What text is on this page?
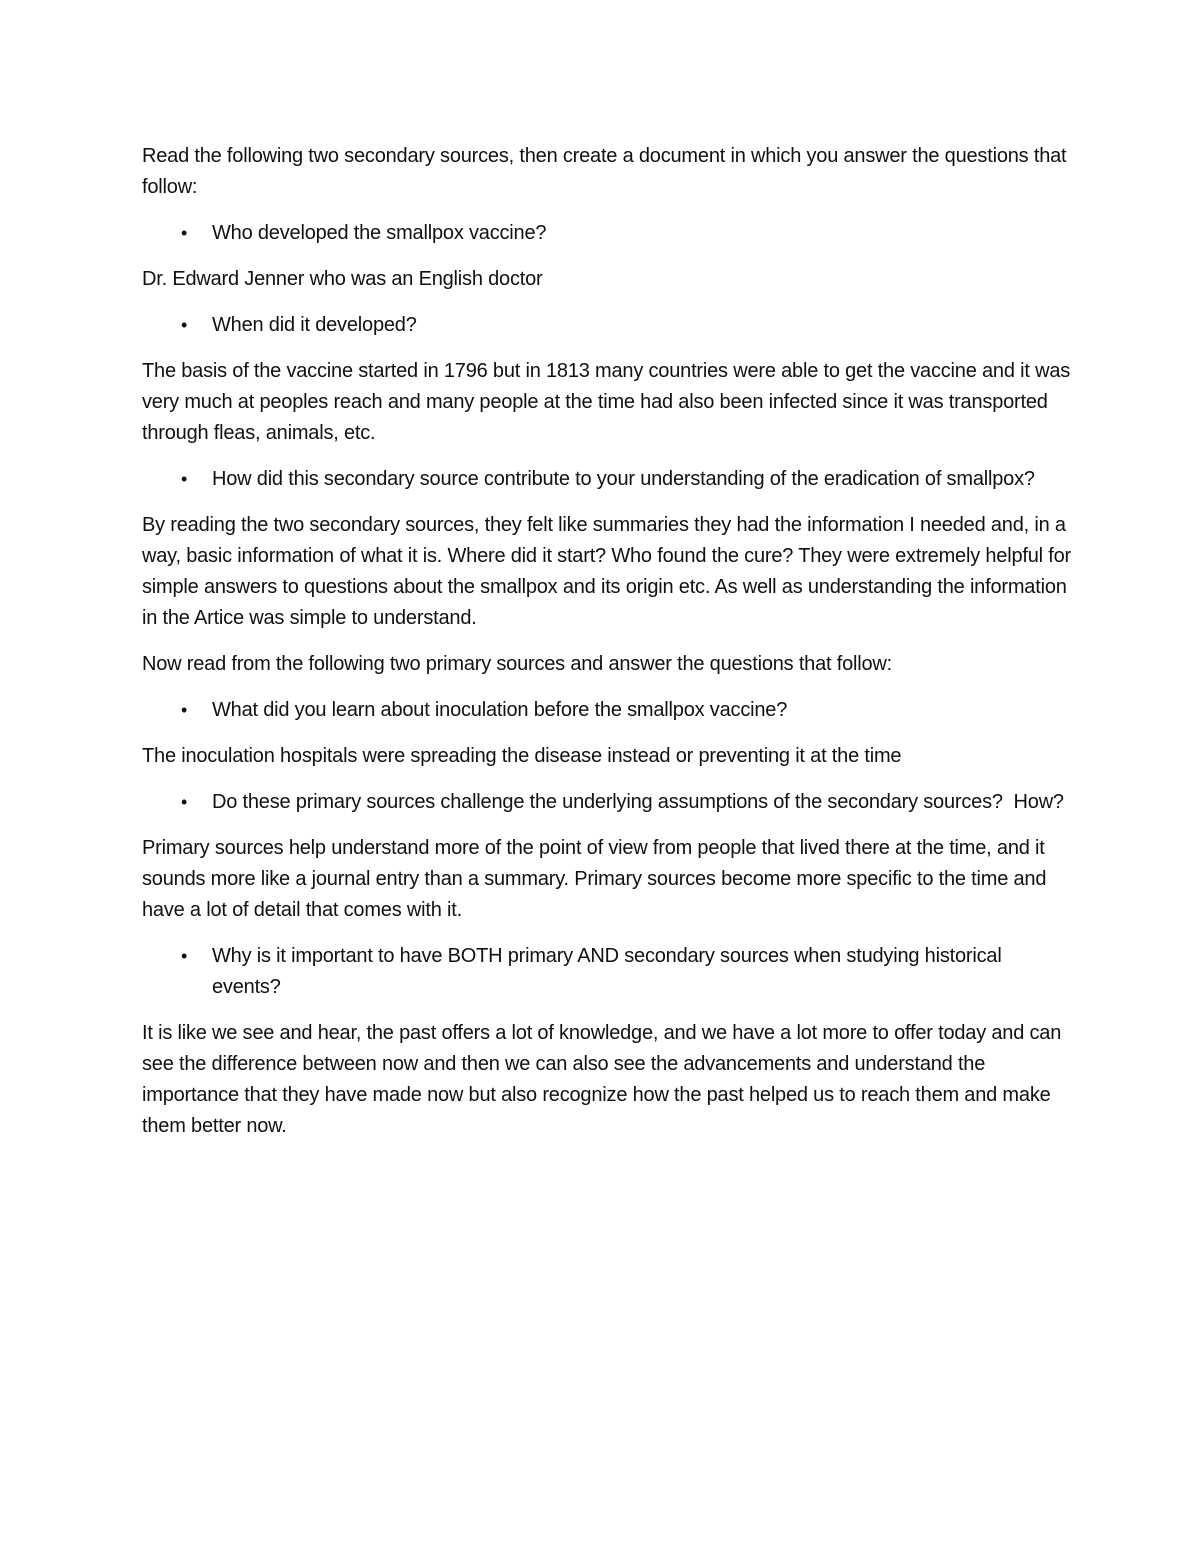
Read the following two secondary sources, then create a document in which you answer the questions that follow:

•	Who developed the smallpox vaccine?

Dr. Edward Jenner who was an English doctor

•	When did it developed?

The basis of the vaccine started in 1796 but in 1813 many countries were able to get the vaccine and it was very much at peoples reach and many people at the time had also been infected since it was transported through fleas, animals, etc.

•	How did this secondary source contribute to your understanding of the eradication of smallpox?

By reading the two secondary sources, they felt like summaries they had the information I needed and, in a way, basic information of what it is. Where did it start? Who found the cure? They were extremely helpful for simple answers to questions about the smallpox and its origin etc. As well as understanding the information in the Artice was simple to understand.

Now read from the following two primary sources and answer the questions that follow:

•	What did you learn about inoculation before the smallpox vaccine?

The inoculation hospitals were spreading the disease instead or preventing it at the time

•	Do these primary sources challenge the underlying assumptions of the secondary sources?  How?

Primary sources help understand more of the point of view from people that lived there at the time, and it sounds more like a journal entry than a summary. Primary sources become more specific to the time and have a lot of detail that comes with it.

•	Why is it important to have BOTH primary AND secondary sources when studying historical events?

It is like we see and hear, the past offers a lot of knowledge, and we have a lot more to offer today and can see the difference between now and then we can also see the advancements and understand the importance that they have made now but also recognize how the past helped us to reach them and make them better now.
